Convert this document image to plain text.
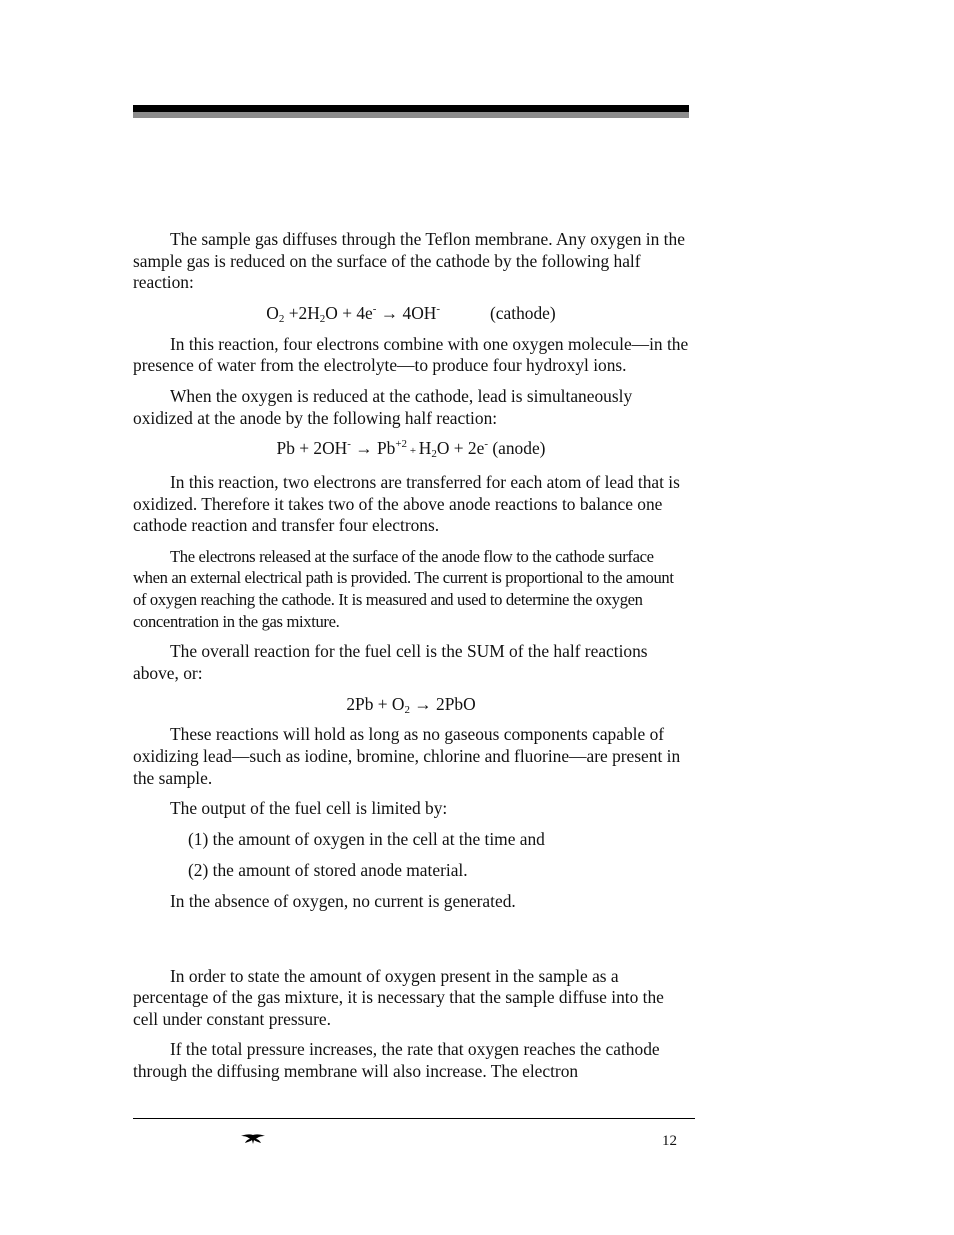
The sample gas diffuses through the Teflon membrane. Any oxygen in the sample gas is reduced on the surface of the cathode by the following half reaction:

$O_2 +2H_2O + 4e^- \to 4OH^-$	(cathode)

In this reaction, four electrons combine with one oxygen molecule—in the presence of water from the electrolyte—to produce four hydroxyl ions.

When the oxygen is reduced at the cathode, lead is simultaneously oxidized at the anode by the following half reaction:

$Pb + 2OH^- \to Pb^{+2} + H_2O + 2e^-$ (anode)

In this reaction, two electrons are transferred for each atom of lead that is oxidized. Therefore it takes two of the above anode reactions to balance one cathode reaction and transfer four electrons.

The electrons released at the surface of the anode flow to the cathode surface when an external electrical path is provided. The current is proportional to the amount of oxygen reaching the cathode. It is measured and used to determine the oxygen concentration in the gas mixture.

The overall reaction for the fuel cell is the SUM of the half reactions above, or:

$2Pb + O_2 \to 2PbO$

These reactions will hold as long as no gaseous components capable of oxidizing lead—such as iodine, bromine, chlorine and fluorine—are present in the sample.

The output of the fuel cell is limited by:

(1) the amount of oxygen in the cell at the time and
(2) the amount of stored anode material.
In the absence of oxygen, no current is generated.

In order to state the amount of oxygen present in the sample as a percentage of the gas mixture, it is necessary that the sample diffuse into the cell under constant pressure.

If the total pressure increases, the rate that oxygen reaches the cathode through the diffusing membrane will also increase. The electron

12
